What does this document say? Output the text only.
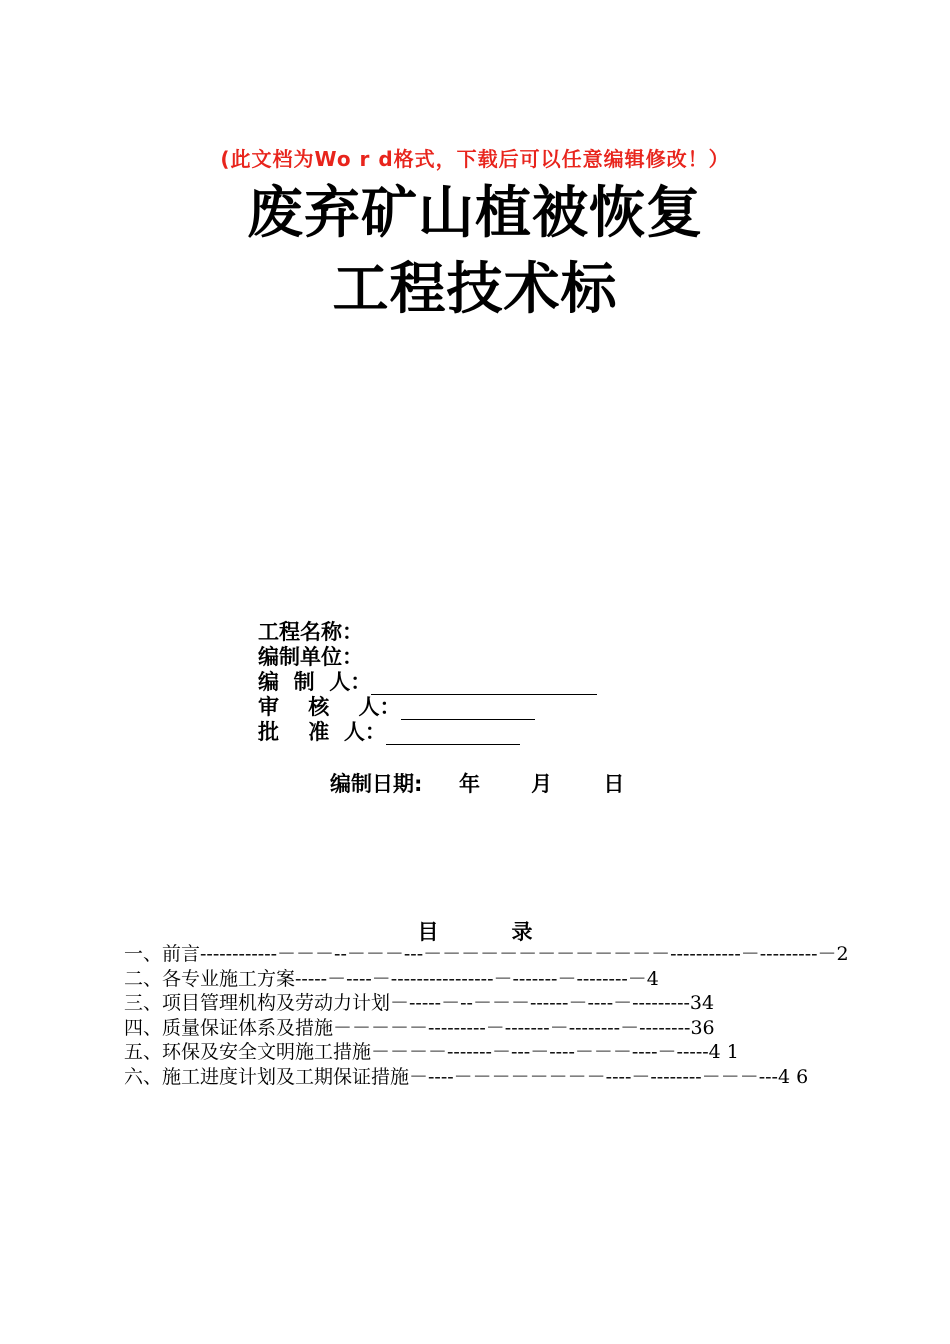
(此文档为Wo r d格式，下载后可以任意编辑修改！）
废弃矿山植被恢复
工程技术标
工程名称：
编制单位：
编  制  人：
审    核    人：
批    准  人：
编制日期: 年 月 日
目          录
一、前言------------－－－--－－－---－－－－－－－－－－－－－-----------－---------－2
二、各专业施工方案-----－----－----------------－-------－--------－4
三、项目管理机构及劳动力计划－-----－--－－－------－----－---------34
四、质量保证体系及措施－－－－－---------－-------－--------－--------36
五、环保及安全文明施工措施－－－－-------－---－----－－－----－-----4 1
六、施工进度计划及工期保证措施－----－－－－－－－－----－--------－－－---4 6
